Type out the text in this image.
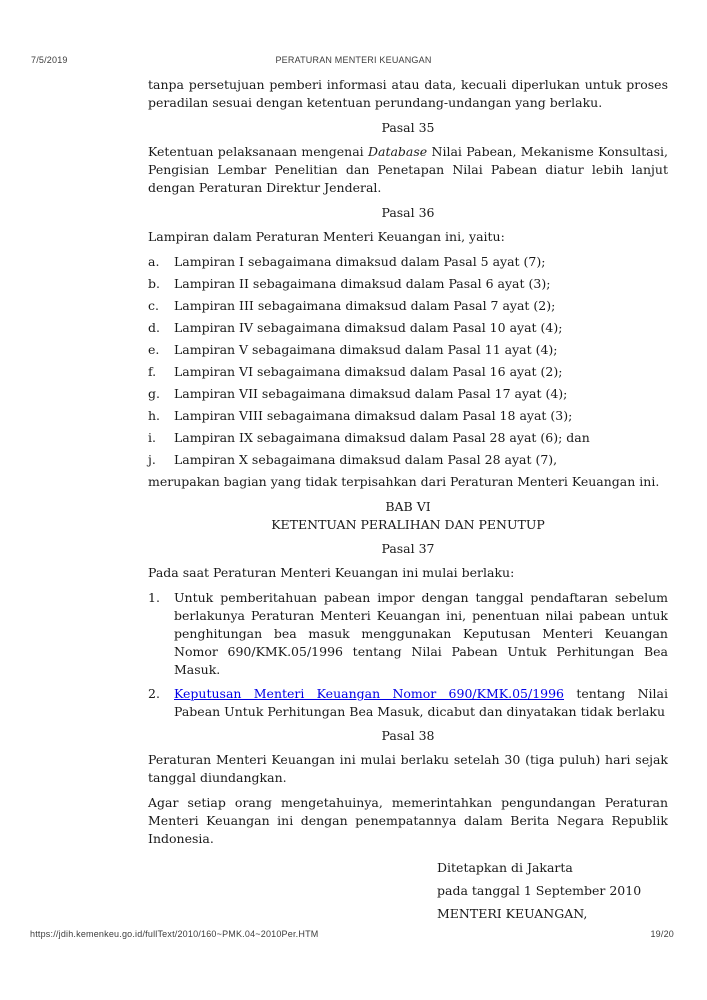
7/5/2019	PERATURAN MENTERI KEUANGAN

tanpa persetujuan pemberi informasi atau data, kecuali diperlukan untuk proses peradilan sesuai dengan ketentuan perundang-undangan yang berlaku.

Pasal 35

Ketentuan pelaksanaan mengenai Database Nilai Pabean, Mekanisme Konsultasi, Pengisian Lembar Penelitian dan Penetapan Nilai Pabean diatur lebih lanjut dengan Peraturan Direktur Jenderal.

Pasal 36

Lampiran dalam Peraturan Menteri Keuangan ini, yaitu:

a.	Lampiran I sebagaimana dimaksud dalam Pasal 5 ayat (7);
b.	Lampiran II sebagaimana dimaksud dalam Pasal 6 ayat (3);
c.	Lampiran III sebagaimana dimaksud dalam Pasal 7 ayat (2);
d.	Lampiran IV sebagaimana dimaksud dalam Pasal 10 ayat (4);
e.	Lampiran V sebagaimana dimaksud dalam Pasal 11 ayat (4);
f.	Lampiran VI sebagaimana dimaksud dalam Pasal 16 ayat (2);
g.	Lampiran VII sebagaimana dimaksud dalam Pasal 17 ayat (4);
h.	Lampiran VIII sebagaimana dimaksud dalam Pasal 18 ayat (3);
i.	Lampiran IX sebagaimana dimaksud dalam Pasal 28 ayat (6); dan
j.	Lampiran X sebagaimana dimaksud dalam Pasal 28 ayat (7),

merupakan bagian yang tidak terpisahkan dari Peraturan Menteri Keuangan ini.

BAB VI
KETENTUAN PERALIHAN DAN PENUTUP
Pasal 37

Pada saat Peraturan Menteri Keuangan ini mulai berlaku:

1.	Untuk pemberitahuan pabean impor dengan tanggal pendaftaran sebelum berlakunya Peraturan Menteri Keuangan ini, penentuan nilai pabean untuk penghitungan bea masuk menggunakan Keputusan Menteri Keuangan Nomor 690/KMK.05/1996 tentang Nilai Pabean Untuk Perhitungan Bea Masuk.
2.	Keputusan Menteri Keuangan Nomor 690/KMK.05/1996 tentang Nilai Pabean Untuk Perhitungan Bea Masuk, dicabut dan dinyatakan tidak berlaku
Pasal 38

Peraturan Menteri Keuangan ini mulai berlaku setelah 30 (tiga puluh) hari sejak tanggal diundangkan.

Agar setiap orang mengetahuinya, memerintahkan pengundangan Peraturan Menteri Keuangan ini dengan penempatannya dalam Berita Negara Republik Indonesia.

Ditetapkan di Jakarta
pada tanggal 1 September 2010
MENTERI KEUANGAN,
https://jdih.kemenkeu.go.id/fullText/2010/160~PMK.04~2010Per.HTM	19/20
